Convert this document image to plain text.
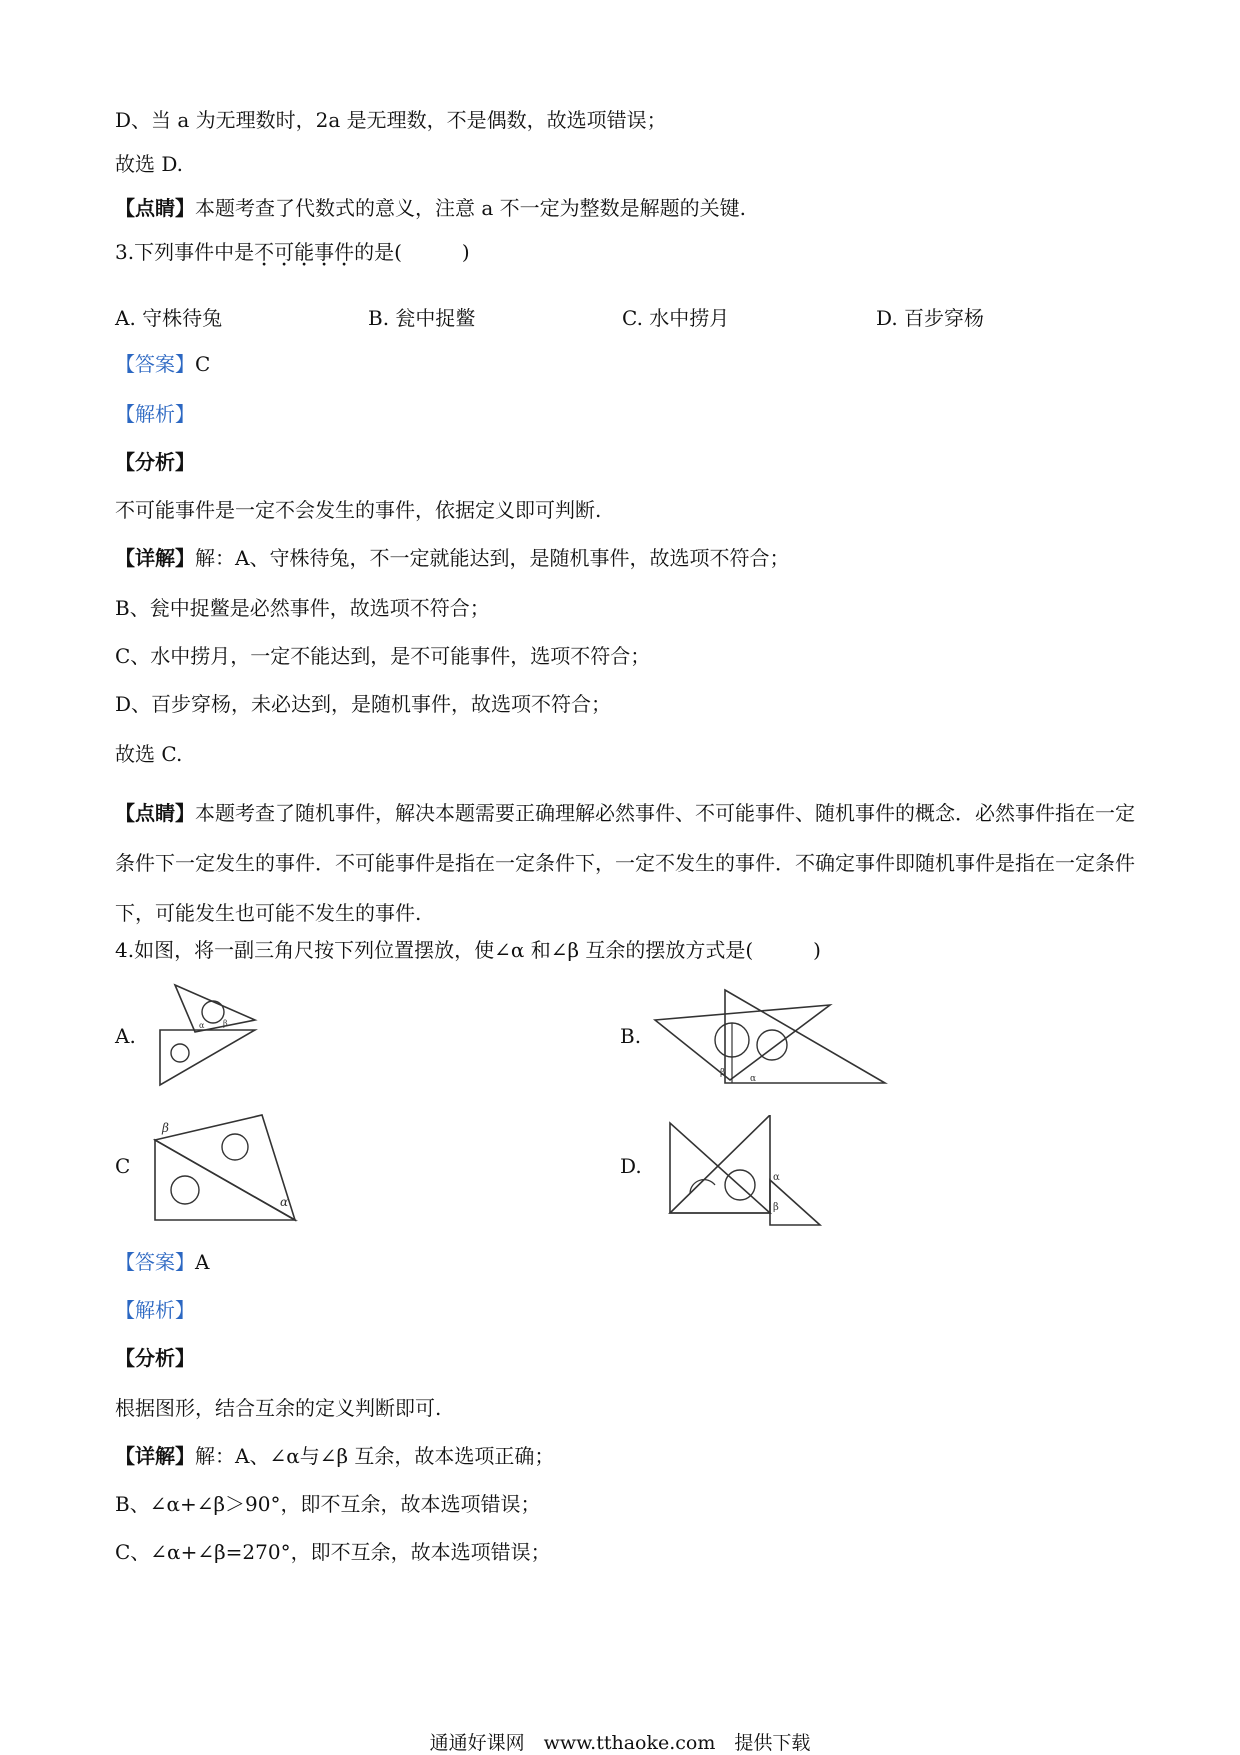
D、当 a 为无理数时，2a 是无理数，不是偶数，故选项错误；
故选 D.
【点睛】本题考查了代数式的意义，注意 a 不一定为整数是解题的关键.
3.下列事件中是不可能事件的是(　　　)
A. 守株待兔	B. 瓮中捉鳖	C. 水中捞月	D. 百步穿杨
【答案】C
【解析】
【分析】
不可能事件是一定不会发生的事件，依据定义即可判断.
【详解】解：A、守株待兔，不一定就能达到，是随机事件，故选项不符合；
B、瓮中捉鳖是必然事件，故选项不符合；
C、水中捞月，一定不能达到，是不可能事件，选项不符合；
D、百步穿杨，未必达到，是随机事件，故选项不符合；
故选 C.
【点睛】本题考查了随机事件，解决本题需要正确理解必然事件、不可能事件、随机事件的概念．必然事件指在一定条件下一定发生的事件．不可能事件是指在一定条件下，一定不发生的事件．不确定事件即随机事件是指在一定条件下，可能发生也可能不发生的事件.
4.如图，将一副三角尺按下列位置摆放，使∠α 和∠β 互余的摆放方式是(　　　)
A.	B.
C	D.
α β
β
α
β
α
α
β
【答案】A
【解析】
【分析】
根据图形，结合互余的定义判断即可.
【详解】解：A、∠α与∠β 互余，故本选项正确；
B、∠α+∠β＞90°，即不互余，故本选项错误；
C、∠α+∠β=270°，即不互余，故本选项错误；
通通好课网　www.tthaoke.com　提供下载
